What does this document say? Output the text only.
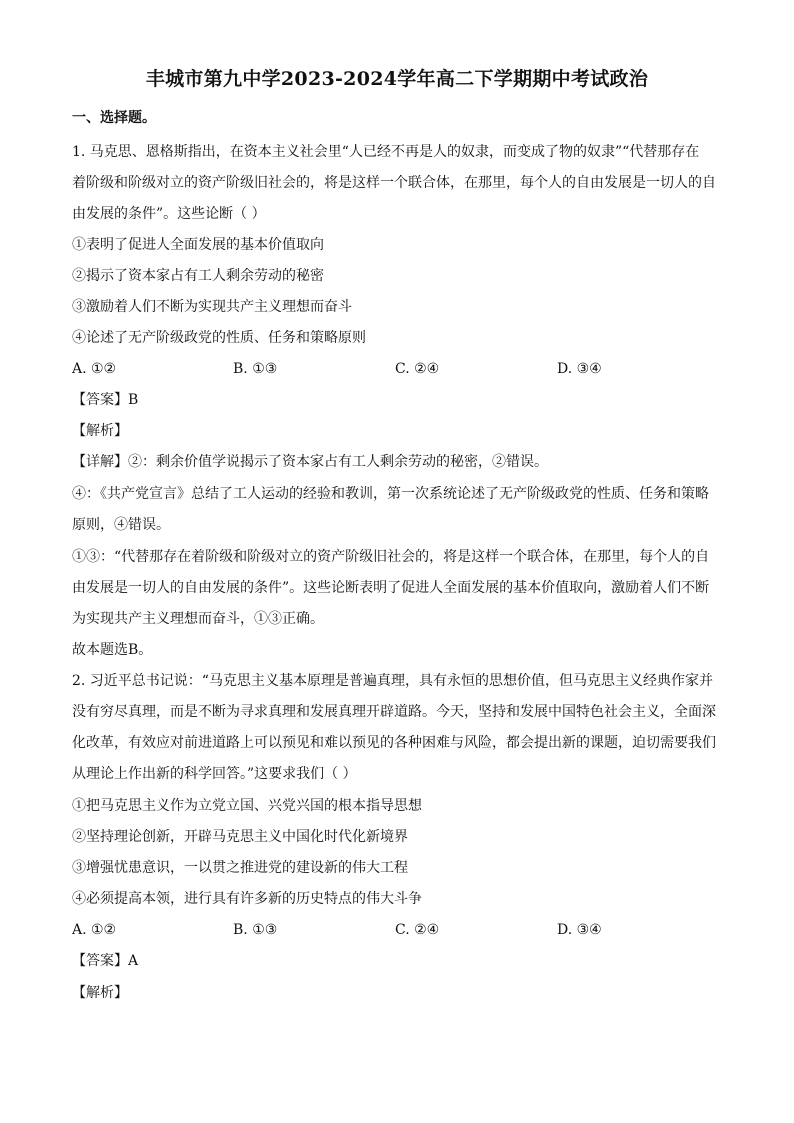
丰城市第九中学2023-2024学年高二下学期期中考试政治
一、选择题。
1. 马克思、恩格斯指出，在资本主义社会里“人已经不再是人的奴隶，而变成了物的奴隶”“代替那存在
着阶级和阶级对立的资产阶级旧社会的，将是这样一个联合体，在那里，每个人的自由发展是一切人的自
由发展的条件”。这些论断（ ）
①表明了促进人全面发展的基本价值取向
②揭示了资本家占有工人剩余劳动的秘密
③激励着人们不断为实现共产主义理想而奋斗
④论述了无产阶级政党的性质、任务和策略原则
A. ①②	B. ①③	C. ②④	D. ③④
【答案】B
【解析】
【详解】②：剩余价值学说揭示了资本家占有工人剩余劳动的秘密，②错误。
④：《共产党宣言》总结了工人运动的经验和教训，第一次系统论述了无产阶级政党的性质、任务和策略
原则，④错误。
①③：“代替那存在着阶级和阶级对立的资产阶级旧社会的，将是这样一个联合体，在那里，每个人的自
由发展是一切人的自由发展的条件”。这些论断表明了促进人全面发展的基本价值取向，激励着人们不断
为实现共产主义理想而奋斗，①③正确。
故本题选B。
2. 习近平总书记说：“马克思主义基本原理是普遍真理，具有永恒的思想价值，但马克思主义经典作家并
没有穷尽真理，而是不断为寻求真理和发展真理开辟道路。今天，坚持和发展中国特色社会主义，全面深
化改革，有效应对前进道路上可以预见和难以预见的各种困难与风险，都会提出新的课题，迫切需要我们
从理论上作出新的科学回答。”这要求我们（ ）
①把马克思主义作为立党立国、兴党兴国的根本指导思想
②坚持理论创新，开辟马克思主义中国化时代化新境界
③增强忧患意识，一以贯之推进党的建设新的伟大工程
④必须提高本领，进行具有许多新的历史特点的伟大斗争
A. ①②	B. ①③	C. ②④	D. ③④
【答案】A
【解析】
